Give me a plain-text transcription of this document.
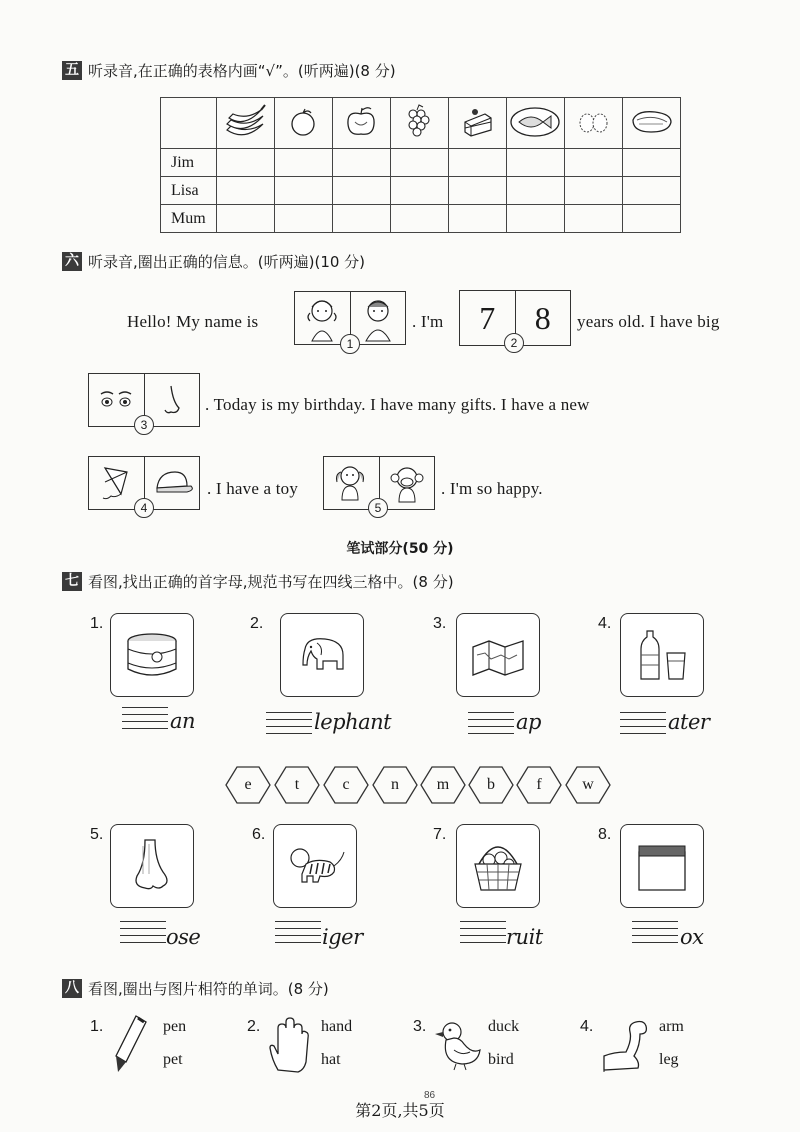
五 听录音,在正确的表格内画“√”。(听两遍)(8 分)

Jim								
Lisa								
Mum								
六 听录音,圈出正确的信息。(听两遍)(10 分)
Hello! My name is
1
. I'm	7	8
2
years old. I have big
3
. Today is my birthday. I have many gifts. I have a new
4
. I have a toy
5
. I'm so happy.
笔试部分(50 分)
七 看图,找出正确的首字母,规范书写在四线三格中。(8 分)
1.
an
2.
lephant
3.
ap
4.
ater
e	t	c	n	m	b	f	w
5.
ose
6.
iger
7.
ruit
8.
ox
八 看图,圈出与图片相符的单词。(8 分)
1.	pen
pet
2.	hand
hat
3.	duck
bird
4.	arm
leg
第2页,共5页
86
